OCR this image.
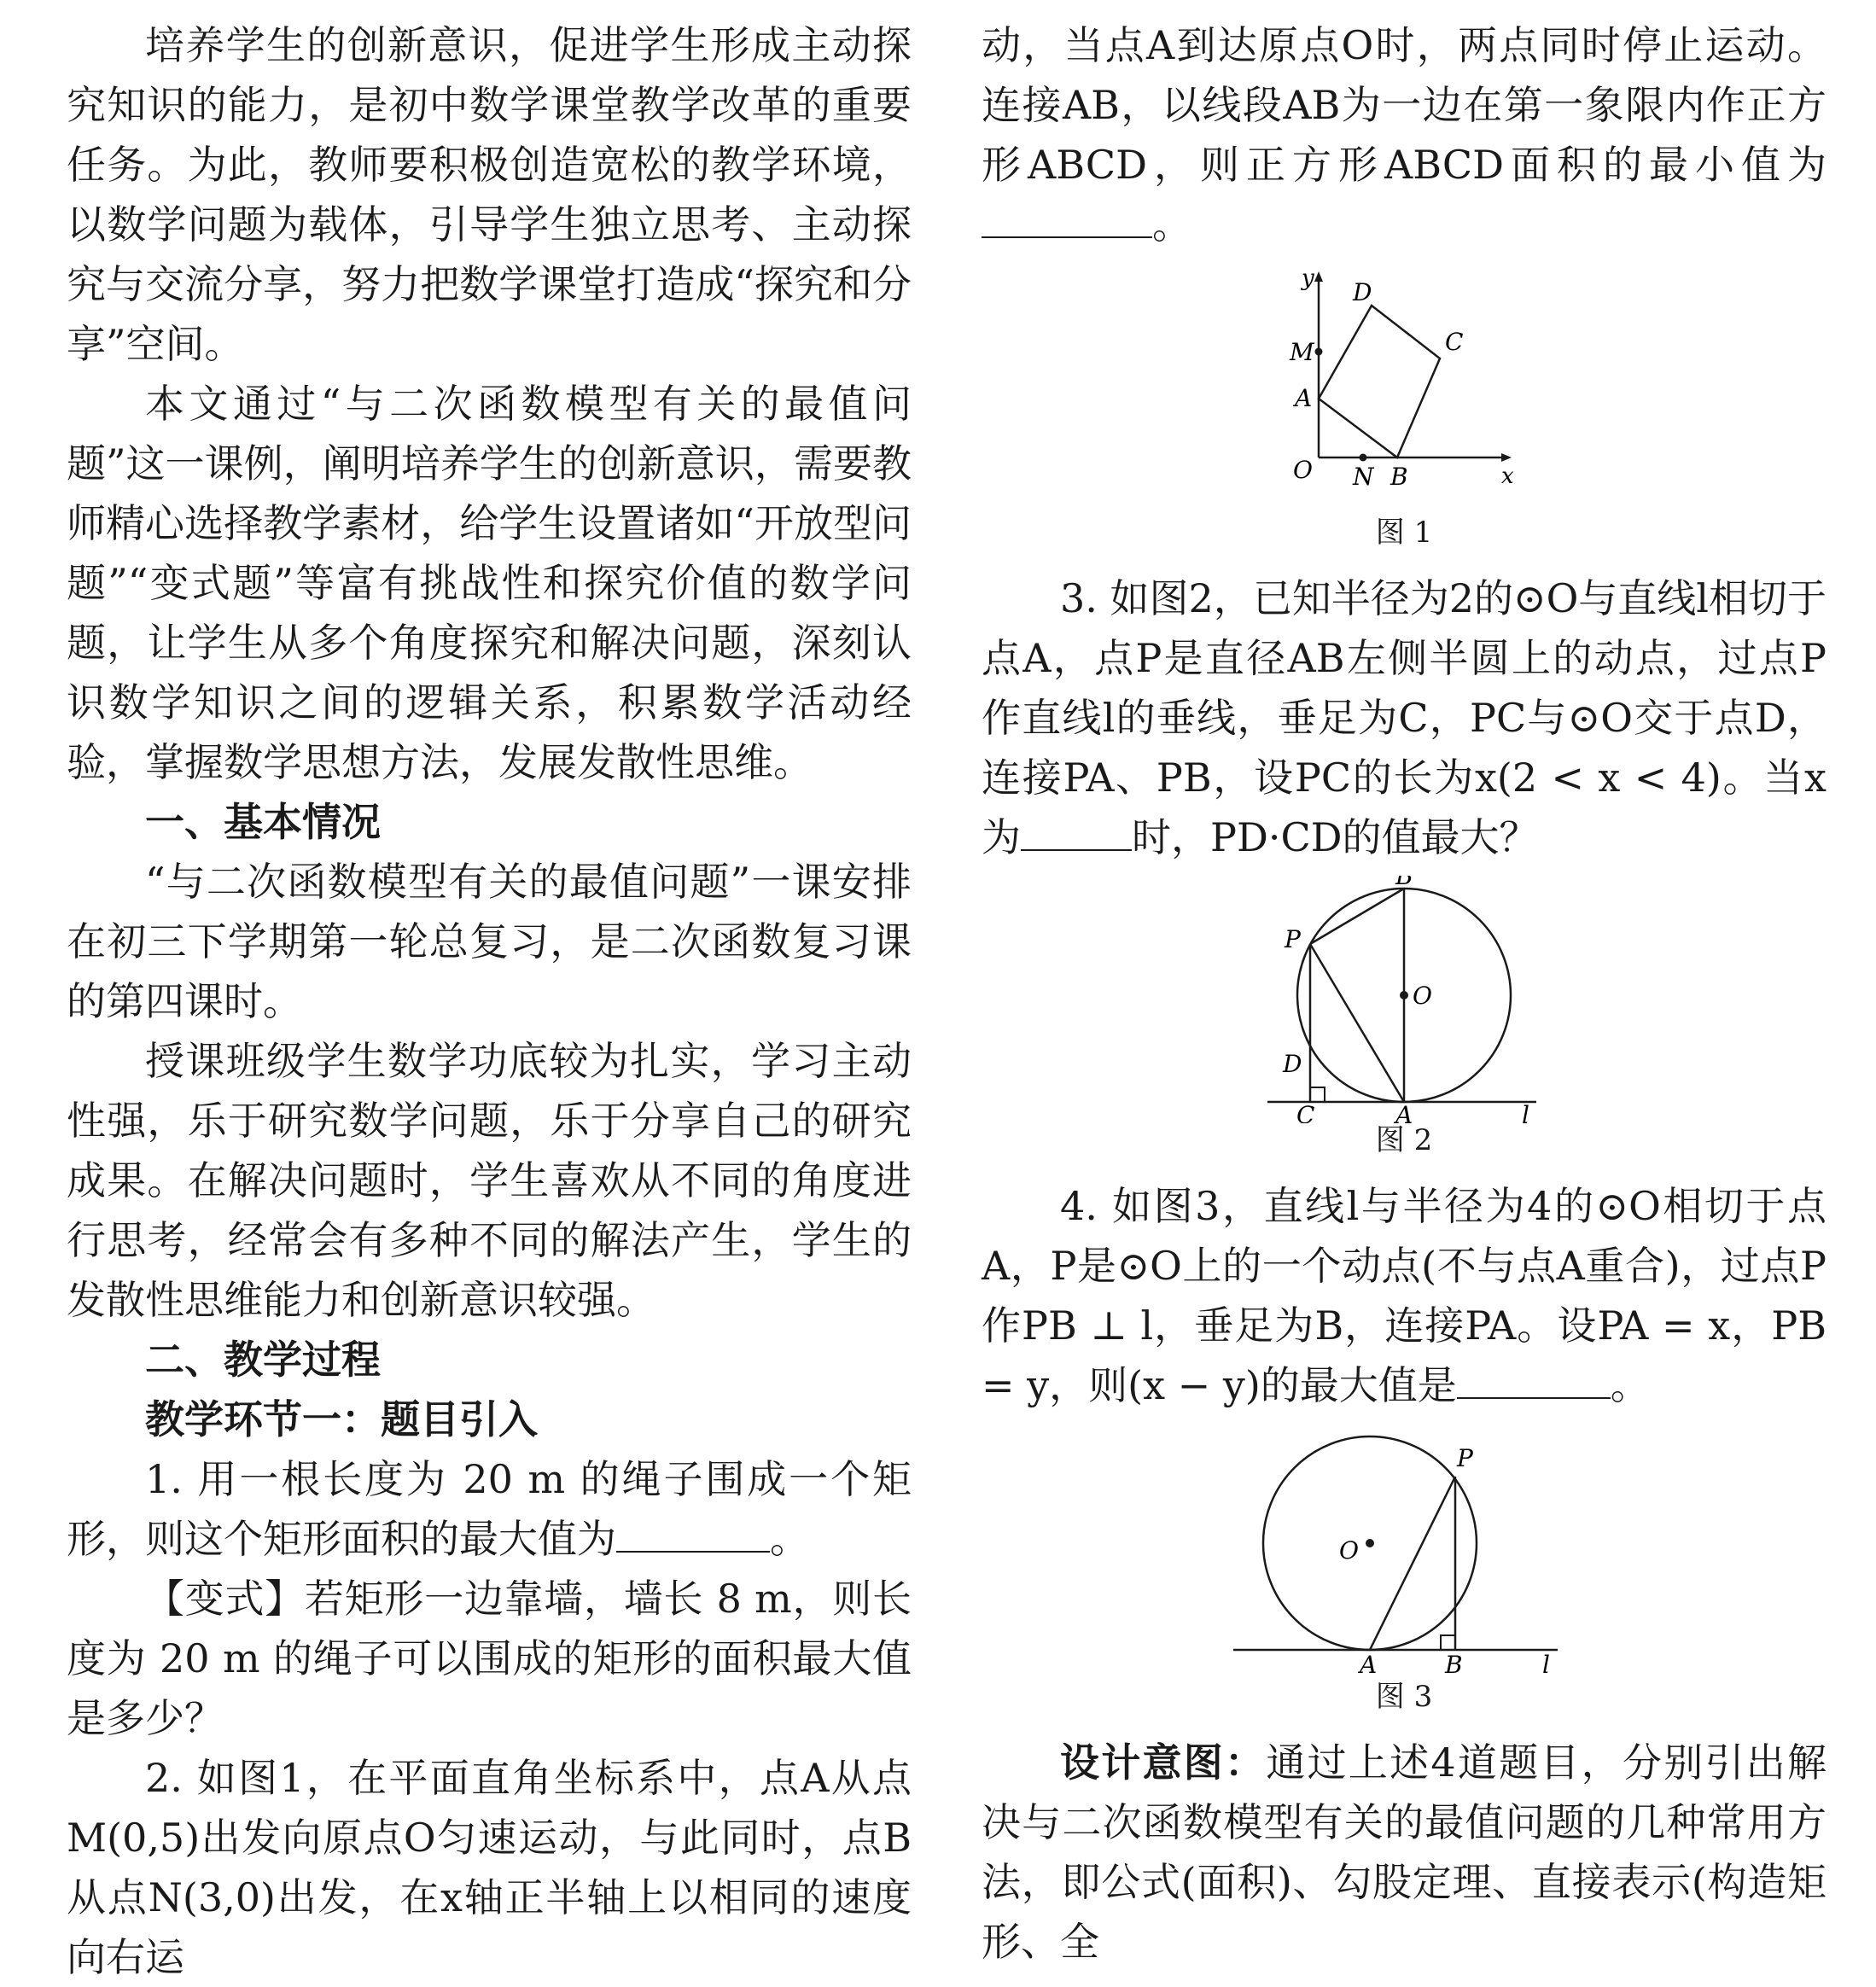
培养学生的创新意识，促进学生形成主动探究知识的能力，是初中数学课堂教学改革的重要任务。为此，教师要积极创造宽松的教学环境，以数学问题为载体，引导学生独立思考、主动探究与交流分享，努力把数学课堂打造成“探究和分享”空间。

本文通过“与二次函数模型有关的最值问题”这一课例，阐明培养学生的创新意识，需要教师精心选择教学素材，给学生设置诸如“开放型问题”“变式题”等富有挑战性和探究价值的数学问题，让学生从多个角度探究和解决问题，深刻认识数学知识之间的逻辑关系，积累数学活动经验，掌握数学思想方法，发展发散性思维。

一、基本情况

“与二次函数模型有关的最值问题”一课安排在初三下学期第一轮总复习，是二次函数复习课的第四课时。

授课班级学生数学功底较为扎实，学习主动性强，乐于研究数学问题，乐于分享自己的研究成果。在解决问题时，学生喜欢从不同的角度进行思考，经常会有多种不同的解法产生，学生的发散性思维能力和创新意识较强。

二、教学过程
教学环节一：题目引入

1. 用一根长度为 20 m 的绳子围成一个矩形，则这个矩形面积的最大值为	。

【变式】若矩形一边靠墙，墙长 8 m，则长度为 20 m 的绳子可以围成的矩形的面积最大值是多少？

2. 如图1，在平面直角坐标系中，点A从点M(0,5)出发向原点O匀速运动，与此同时，点B从点N(3,0)出发，在x轴正半轴上以相同的速度向右运

动，当点A到达原点O时，两点同时停止运动。连接AB，以线段AB为一边在第一象限内作正方形ABCD，则正方形ABCD面积的最小值为。

y
x
O
M
A
D
C
N B

图 1

3. 如图2，已知半径为2的⊙O与直线l相切于点A，点P是直径AB左侧半圆上的动点，过点P作直线l的垂线，垂足为C，PC与⊙O交于点D，连接PA、PB，设PC的长为x(2 < x < 4)。当x为	时，PD·CD的值最大？

B
P
O
D
C	A	l

图 2

4. 如图3，直线l与半径为4的⊙O相切于点A，P是⊙O上的一个动点(不与点A重合)，过点P作PB ⊥ l，垂足为B，连接PA。设PA = x，PB = y，则(x − y)的最大值是	。

P
O
A	B	l

图 3

设计意图：通过上述4道题目，分别引出解决与二次函数模型有关的最值问题的几种常用方法，即公式(面积)、勾股定理、直接表示(构造矩形、全
